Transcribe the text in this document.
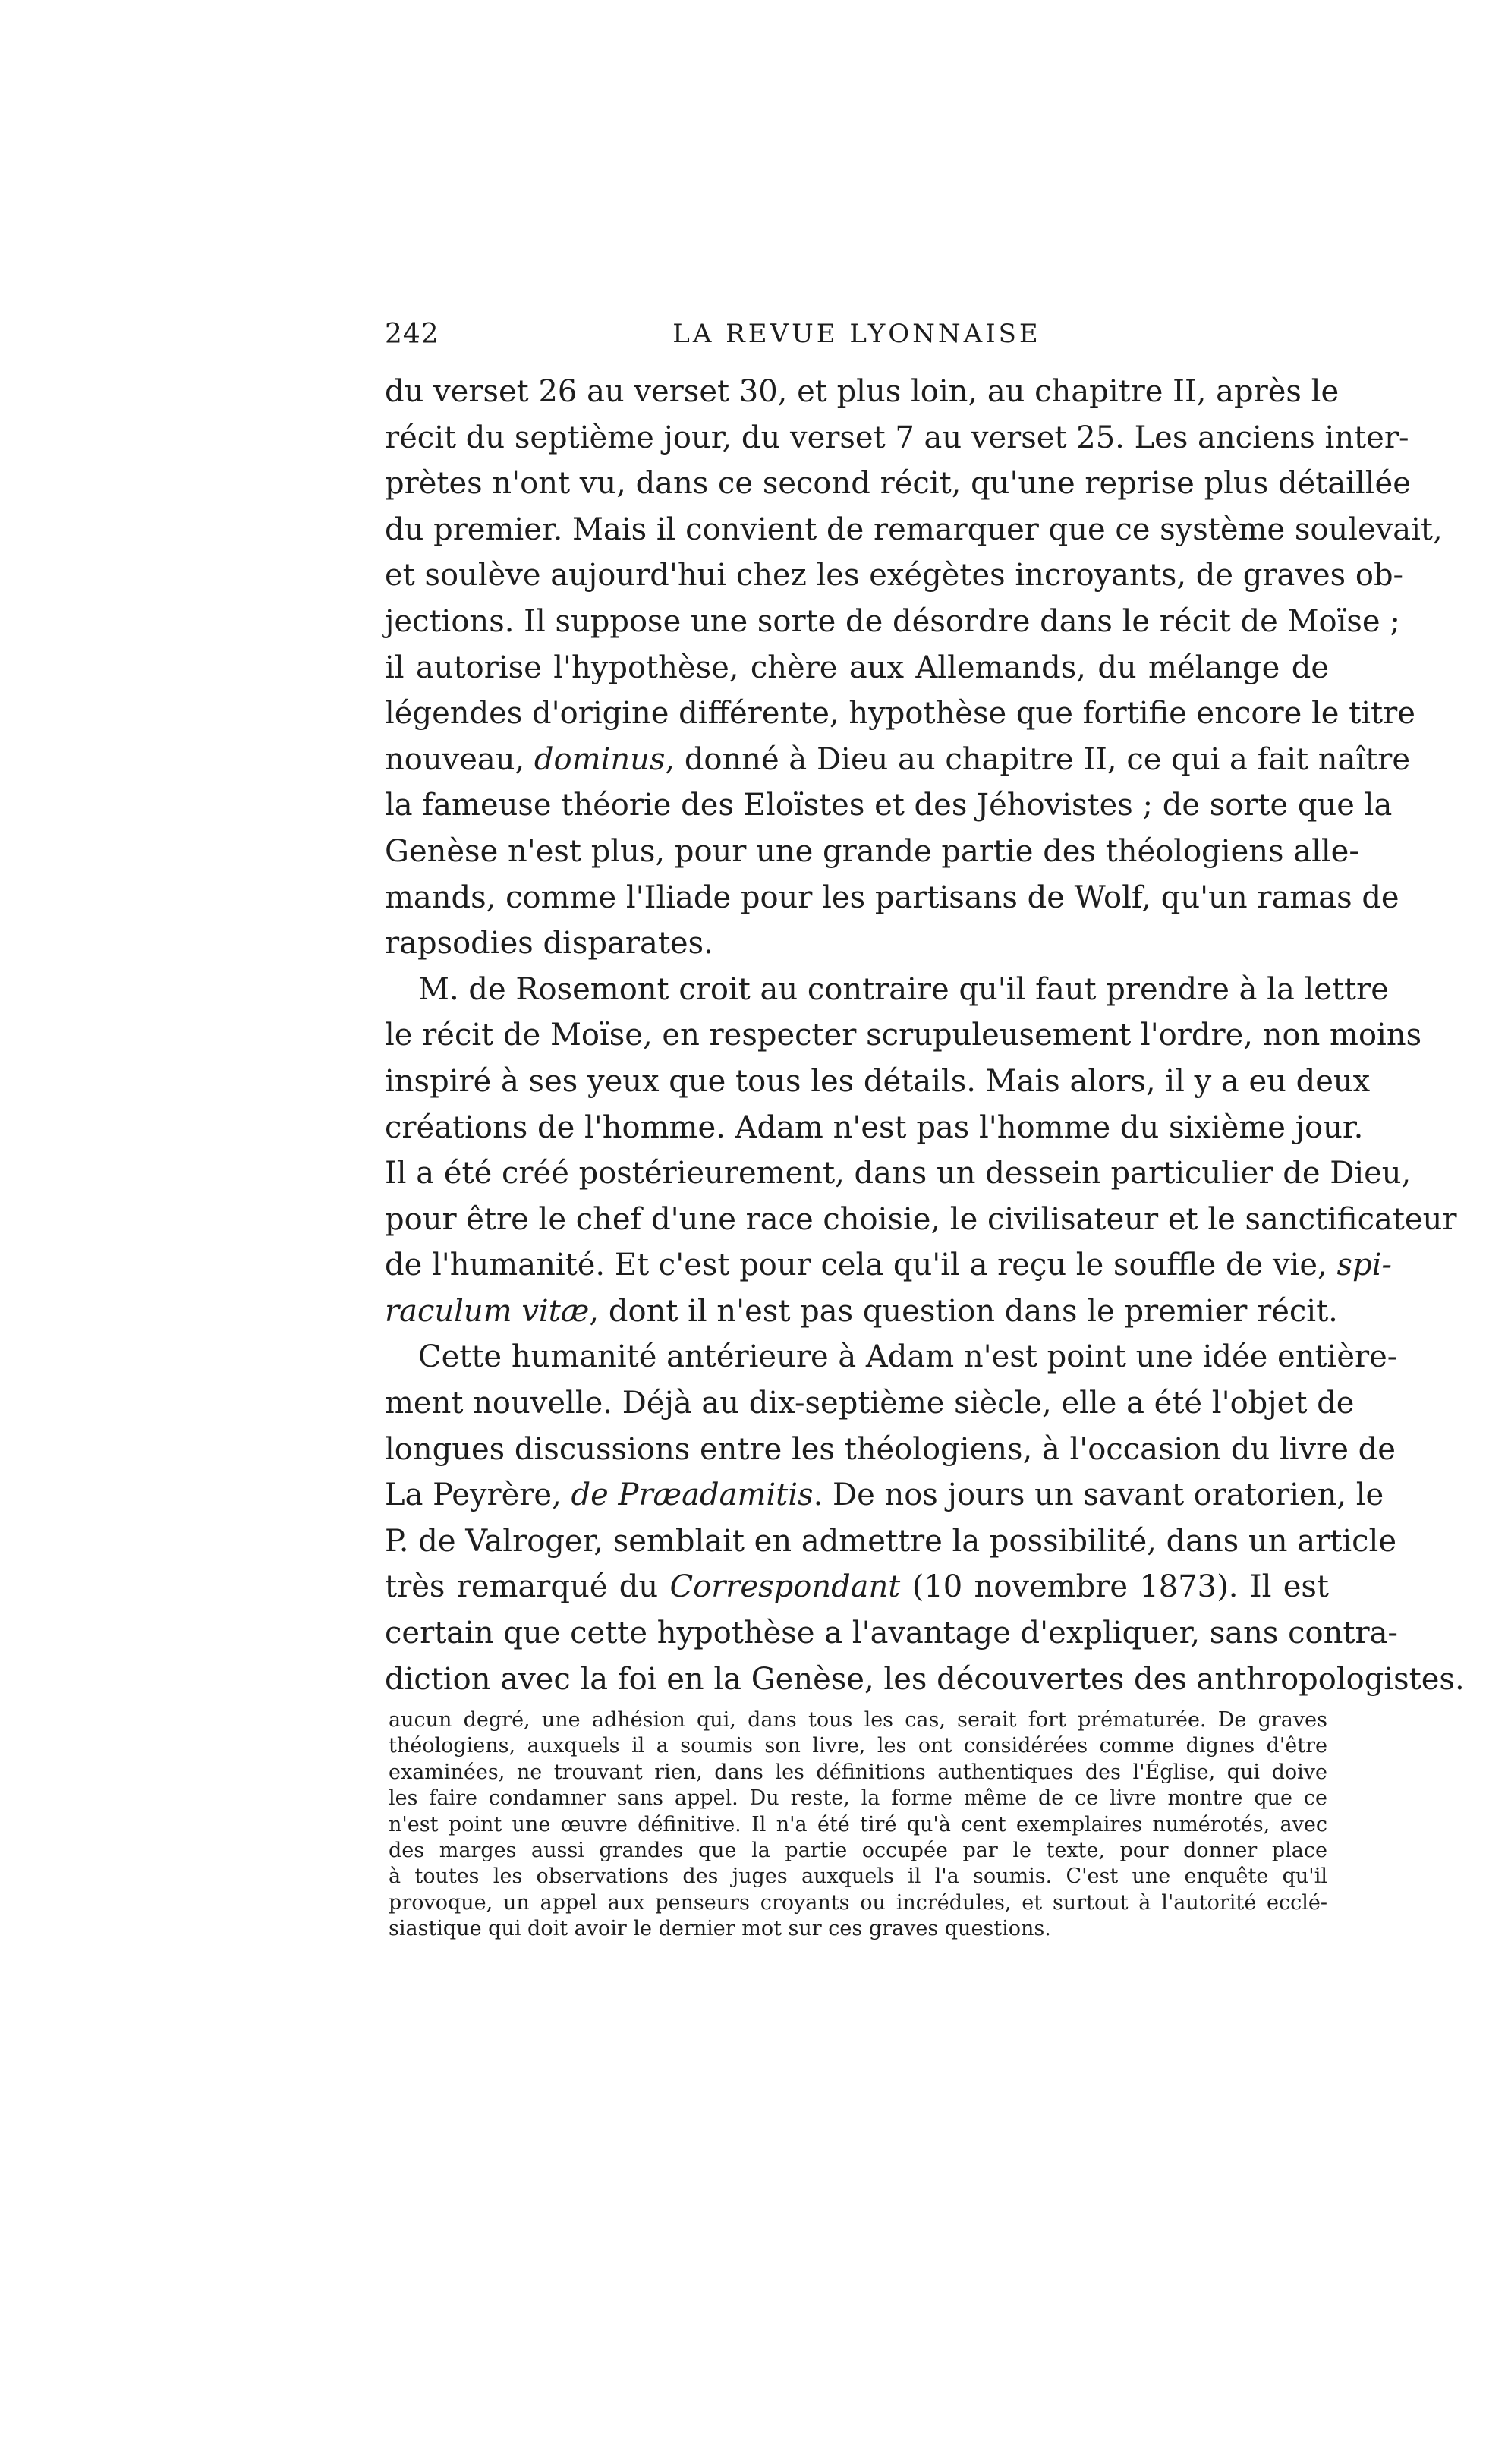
242	LA REVUE LYONNAISE
du verset 26 au verset 30, et plus loin, au chapitre II, après le
récit du septième jour, du verset 7 au verset 25. Les anciens inter-
prètes n'ont vu, dans ce second récit, qu'une reprise plus détaillée
du premier. Mais il convient de remarquer que ce système soulevait,
et soulève aujourd'hui chez les exégètes incroyants, de graves ob-
jections. Il suppose une sorte de désordre dans le récit de Moïse ;
il autorise l'hypothèse, chère aux Allemands, du mélange de
légendes d'origine différente, hypothèse que fortifie encore le titre
nouveau, dominus, donné à Dieu au chapitre II, ce qui a fait naître
la fameuse théorie des Eloïstes et des Jéhovistes ; de sorte que la
Genèse n'est plus, pour une grande partie des théologiens alle-
mands, comme l'Iliade pour les partisans de Wolf, qu'un ramas de
rapsodies disparates.
M. de Rosemont croit au contraire qu'il faut prendre à la lettre
le récit de Moïse, en respecter scrupuleusement l'ordre, non moins
inspiré à ses yeux que tous les détails. Mais alors, il y a eu deux
créations de l'homme. Adam n'est pas l'homme du sixième jour.
Il a été créé postérieurement, dans un dessein particulier de Dieu,
pour être le chef d'une race choisie, le civilisateur et le sanctificateur
de l'humanité. Et c'est pour cela qu'il a reçu le souffle de vie, spi-
raculum vitæ, dont il n'est pas question dans le premier récit.
Cette humanité antérieure à Adam n'est point une idée entière-
ment nouvelle. Déjà au dix-septième siècle, elle a été l'objet de
longues discussions entre les théologiens, à l'occasion du livre de
La Peyrère, de Præadamitis. De nos jours un savant oratorien, le
P. de Valroger, semblait en admettre la possibilité, dans un article
très remarqué du Correspondant (10 novembre 1873). Il est
certain que cette hypothèse a l'avantage d'expliquer, sans contra-
diction avec la foi en la Genèse, les découvertes des anthropologistes.
aucun degré, une adhésion qui, dans tous les cas, serait fort prématurée. De graves
théologiens, auxquels il a soumis son livre, les ont considérées comme dignes d'être
examinées, ne trouvant rien, dans les définitions authentiques des l'Église, qui doive
les faire condamner sans appel. Du reste, la forme même de ce livre montre que ce
n'est point une œuvre définitive. Il n'a été tiré qu'à cent exemplaires numérotés, avec
des marges aussi grandes que la partie occupée par le texte, pour donner place
à toutes les observations des juges auxquels il l'a soumis. C'est une enquête qu'il
provoque, un appel aux penseurs croyants ou incrédules, et surtout à l'autorité ecclé-
siastique qui doit avoir le dernier mot sur ces graves questions.
